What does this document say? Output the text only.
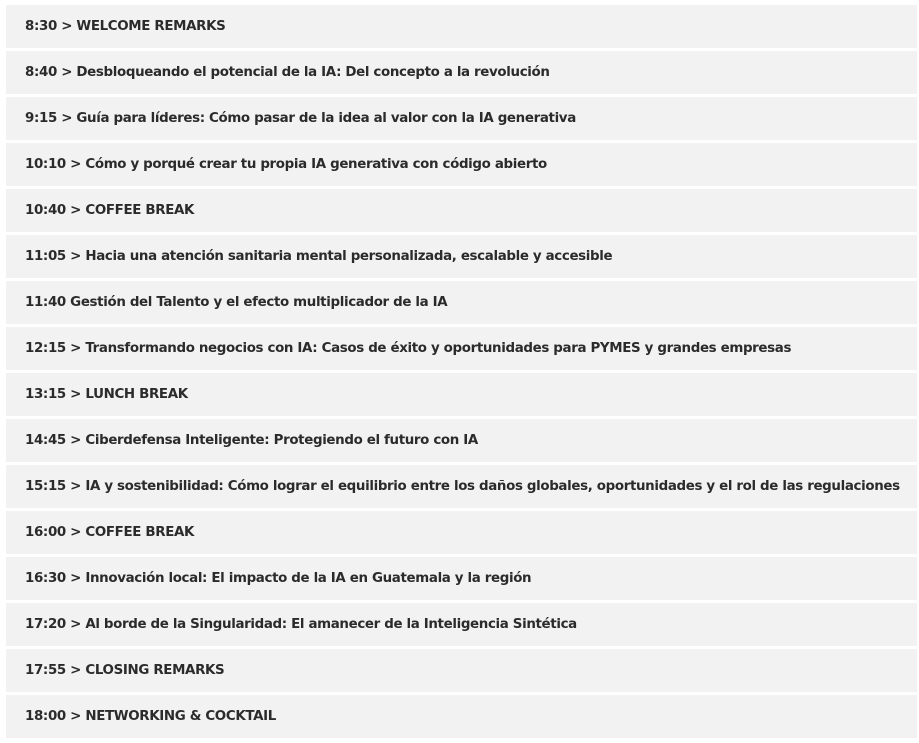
8:30 > WELCOME REMARKS
8:40 > Desbloqueando el potencial de la IA: Del concepto a la revolución
9:15 > Guía para líderes: Cómo pasar de la idea al valor con la IA generativa
10:10 > Cómo y porqué crear tu propia IA generativa con código abierto
10:40 > COFFEE BREAK
11:05 > Hacia una atención sanitaria mental personalizada, escalable y accesible
11:40 Gestión del Talento y el efecto multiplicador de la IA
12:15 > Transformando negocios con IA: Casos de éxito y oportunidades para PYMES y grandes empresas
13:15 > LUNCH BREAK
14:45 > Ciberdefensa Inteligente: Protegiendo el futuro con IA
15:15 > IA y sostenibilidad: Cómo lograr el equilibrio entre los daños globales, oportunidades y el rol de las regulaciones
16:00 > COFFEE BREAK
16:30 > Innovación local: El impacto de la IA en Guatemala y la región
17:20 > Al borde de la Singularidad: El amanecer de la Inteligencia Sintética
17:55 > CLOSING REMARKS
18:00 > NETWORKING & COCKTAIL
